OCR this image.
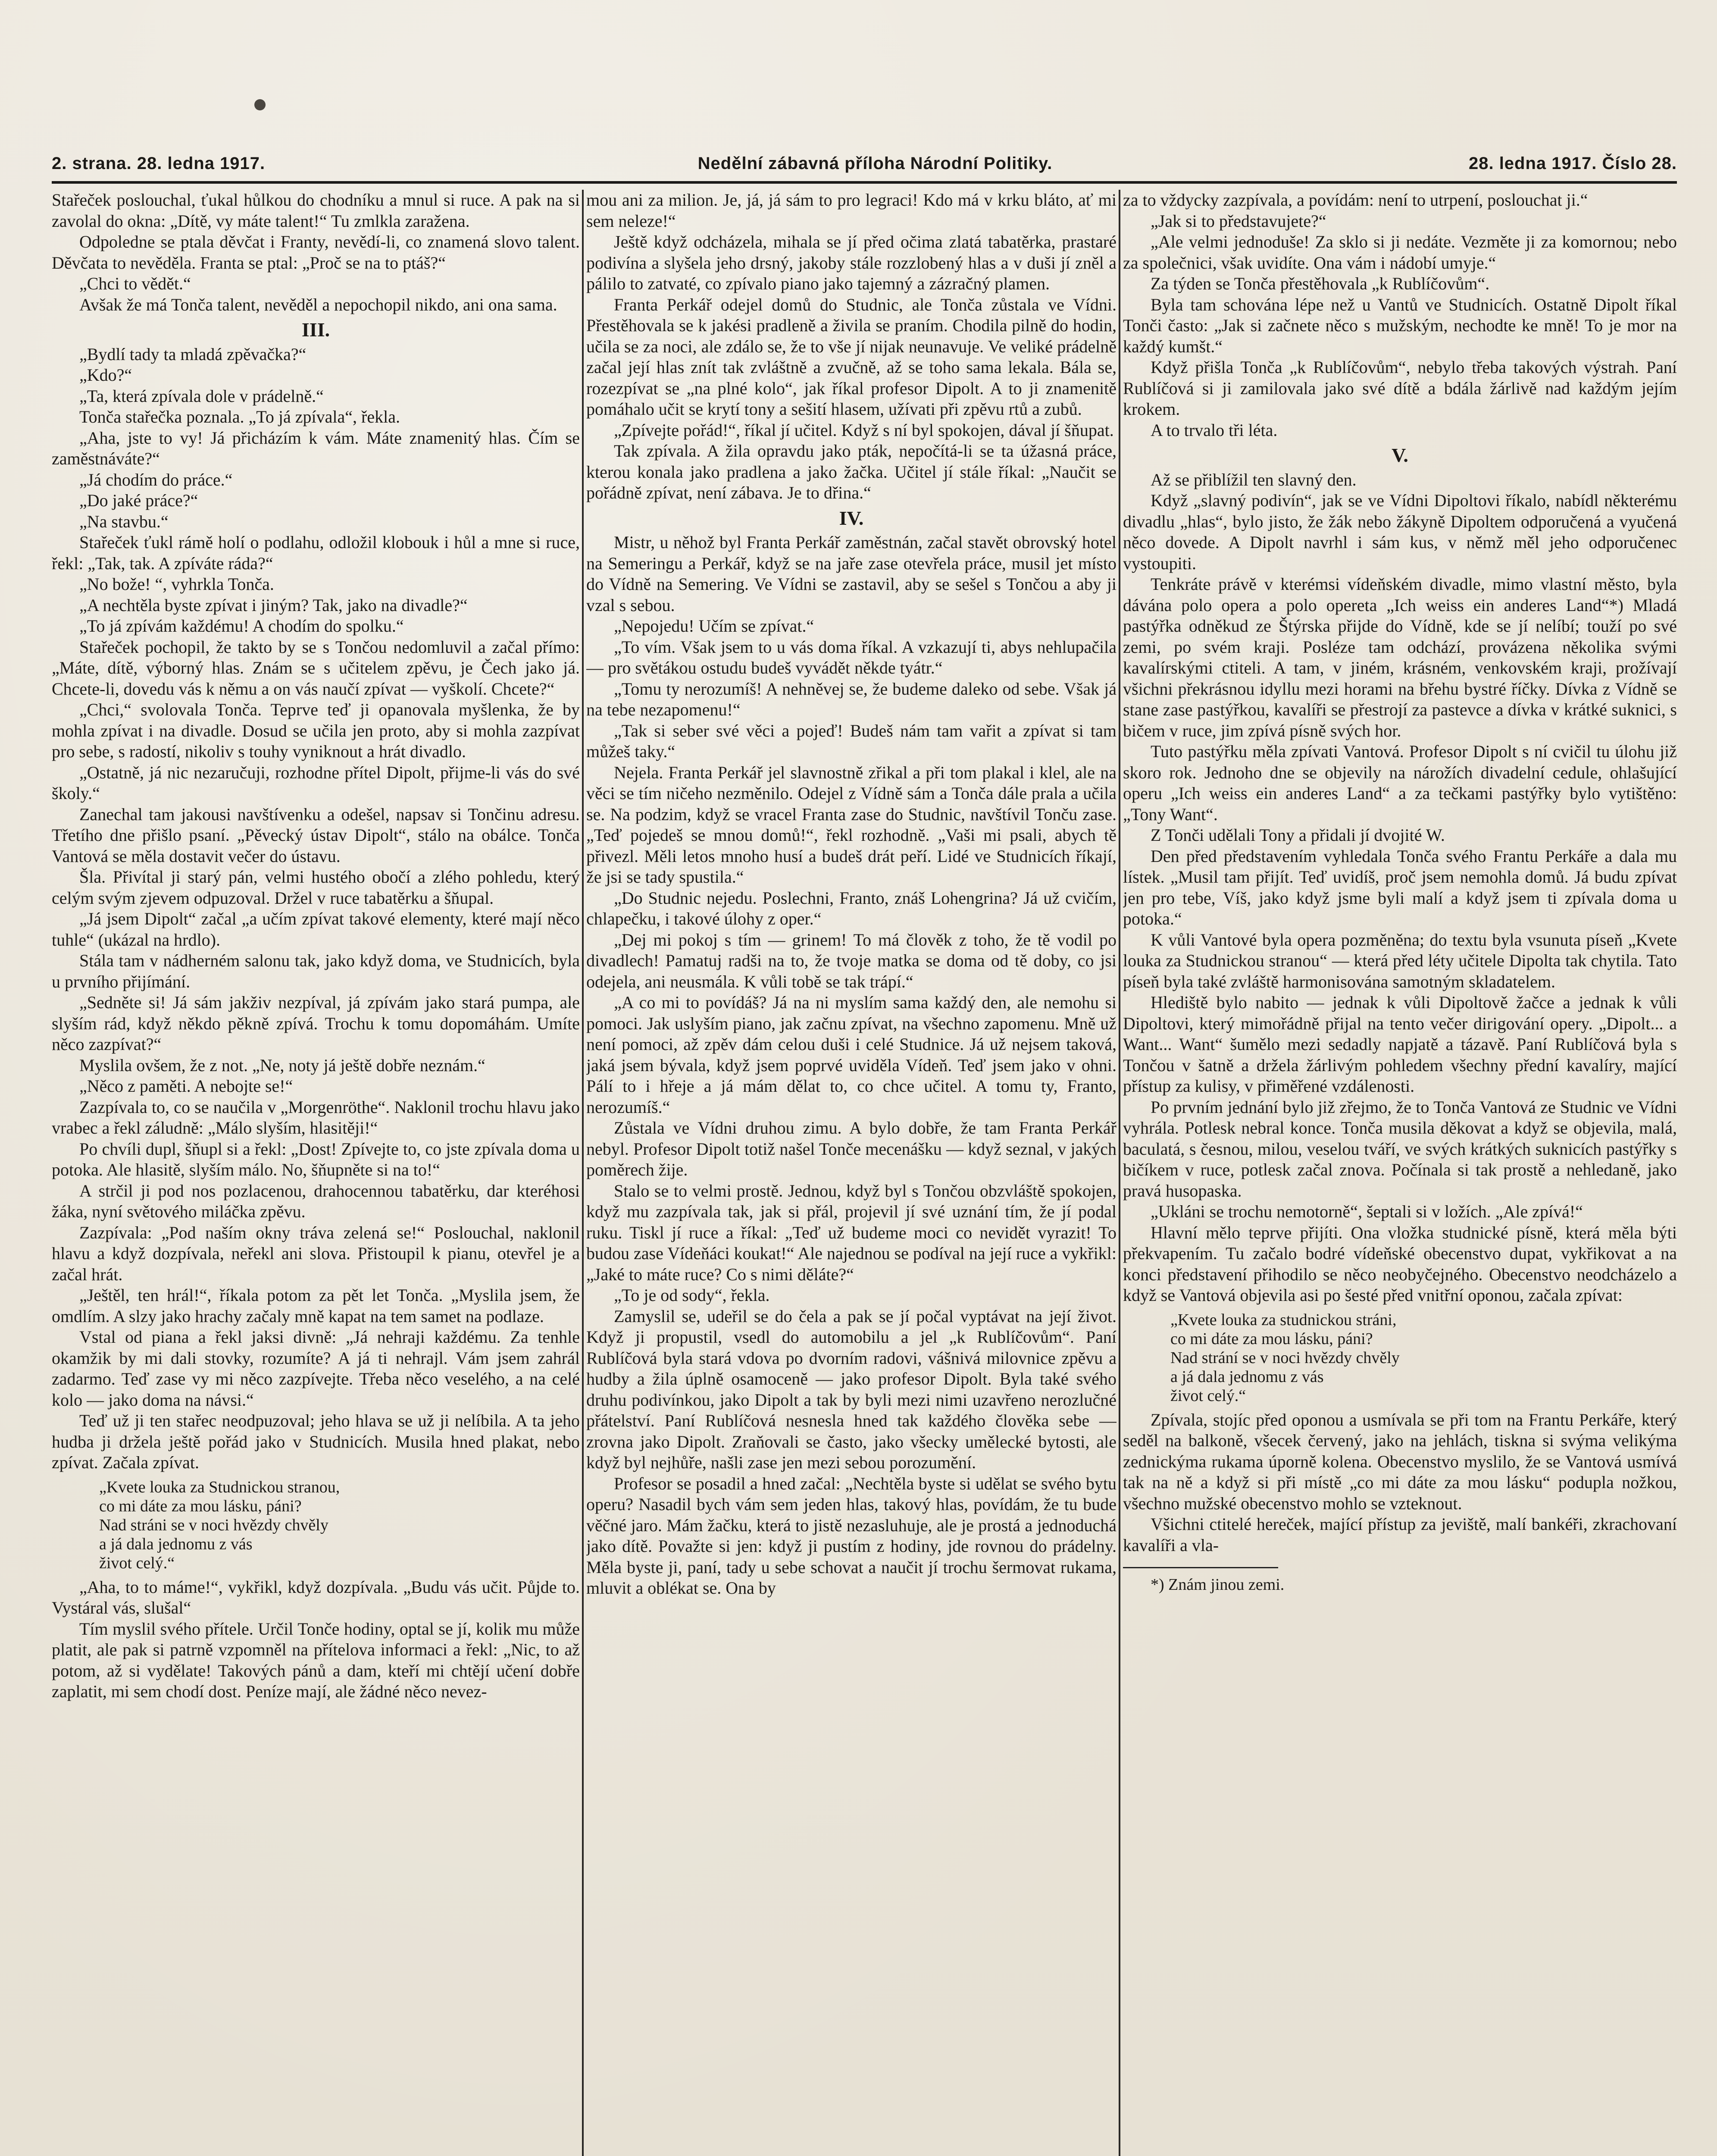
2. strana. 28. ledna 1917.	Nedělní zábavná příloha Národní Politiky.	28. ledna 1917. Číslo 28.

Stařeček poslouchal, ťukal hůlkou do chodníku a mnul si ruce. A pak na si zavolal do okna: „Dítě, vy máte talent!“ Tu zmlkla zaražena.

Odpoledne se ptala děvčat i Franty, nevědí-li, co znamená slovo talent. Děvčata to nevěděla. Franta se ptal: „Proč se na to ptáš?“

„Chci to vědět.“

Avšak že má Tonča talent, nevěděl a nepochopil nikdo, ani ona sama.

III.

„Bydlí tady ta mladá zpěvačka?“

„Kdo?“

„Ta, která zpívala dole v prádelně.“

Tonča stařečka poznala. „To já zpívala“, řekla.

„Aha, jste to vy! Já přicházím k vám. Máte znamenitý hlas. Čím se zaměstnáváte?“

„Já chodím do práce.“

„Do jaké práce?“

„Na stavbu.“

Stařeček ťukl rámě holí o podlahu, odložil klobouk i hůl a mne si ruce, řekl: „Tak, tak. A zpíváte ráda?“

„No bože! “, vyhrkla Tonča.

„A nechtěla byste zpívat i jiným? Tak, jako na divadle?“

„To já zpívám každému! A chodím do spolku.“

Stařeček pochopil, že takto by se s Tončou nedomluvil a začal přímo: „Máte, dítě, výborný hlas. Znám se s učitelem zpěvu, je Čech jako já. Chcete-li, dovedu vás k němu a on vás naučí zpívat — vyškolí. Chcete?“

„Chci,“ svolovala Tonča. Teprve teď ji opanovala myšlenka, že by mohla zpívat i na divadle. Dosud se učila jen proto, aby si mohla zazpívat pro sebe, s radostí, nikoliv s touhy vyniknout a hrát divadlo.

„Ostatně, já nic nezaručuji, rozhodne přítel Dipolt, přijme-li vás do své školy.“

Zanechal tam jakousi navštívenku a odešel, napsav si Tončinu adresu. Třetího dne přišlo psaní. „Pěvecký ústav Dipolt“, stálo na obálce. Tonča Vantová se měla dostavit večer do ústavu.

Šla. Přivítal ji starý pán, velmi hustého obočí a zlého pohledu, který celým svým zjevem odpuzoval. Držel v ruce tabatěrku a šňupal.

„Já jsem Dipolt“ začal „a učím zpívat takové elementy, které mají něco tuhle“ (ukázal na hrdlo).

Stála tam v nádherném salonu tak, jako když doma, ve Studnicích, byla u prvního přijímání.

„Sedněte si! Já sám jakživ nezpíval, já zpívám jako stará pumpa, ale slyším rád, když někdo pěkně zpívá. Trochu k tomu dopomáhám. Umíte něco zazpívat?“

Myslila ovšem, že z not. „Ne, noty já ještě dobře neznám.“

„Něco z paměti. A nebojte se!“

Zazpívala to, co se naučila v „Morgenröthe“. Naklonil trochu hlavu jako vrabec a řekl záludně: „Málo slyším, hlasitěji!“

Po chvíli dupl, šňupl si a řekl: „Dost! Zpívejte to, co jste zpívala doma u potoka. Ale hlasitě, slyším málo. No, šňupněte si na to!“

A strčil ji pod nos pozlacenou, drahocennou tabatěrku, dar kteréhosi žáka, nyní světového miláčka zpěvu.

Zazpívala: „Pod naším okny tráva zelená se!“ Poslouchal, naklonil hlavu a když dozpívala, neřekl ani slova. Přistoupil k pianu, otevřel je a začal hrát.

„Ještěl, ten hrál!“, říkala potom za pět let Tonča. „Myslila jsem, že omdlím. A slzy jako hrachy začaly mně kapat na tem samet na podlaze.

Vstal od piana a řekl jaksi divně: „Já nehraji každému. Za tenhle okamžik by mi dali stovky, rozumíte? A já ti nehrajl. Vám jsem zahrál zadarmo. Teď zase vy mi něco zazpívejte. Třeba něco veselého, a na celé kolo — jako doma na návsi.“

Teď už ji ten stařec neodpuzoval; jeho hlava se už ji nelíbila. A ta jeho hudba ji držela ještě pořád jako v Studnicích. Musila hned plakat, nebo zpívat. Začala zpívat.

„Kvete louka za Studnickou stranou,
co mi dáte za mou lásku, páni?
Nad stráni se v noci hvězdy chvěly
a já dala jednomu z vás
život celý.“

„Aha, to to máme!“, vykřikl, když dozpívala. „Budu vás učit. Půjde to. Vystáral vás, slušal“

Tím myslil svého přítele. Určil Tonče hodiny, optal se jí, kolik mu může platit, ale pak si patrně vzpomněl na přítelova informaci a řekl: „Nic, to až potom, až si vydělate! Takových pánů a dam, kteří mi chtějí učení dobře zaplatit, mi sem chodí dost. Peníze mají, ale žádné něco nevez-

mou ani za milion. Je, já, já sám to pro legraci! Kdo má v krku bláto, ať mi sem neleze!“

Ještě když odcházela, mihala se jí před očima zlatá tabatěrka, prastaré podivína a slyšela jeho drsný, jakoby stále rozzlobený hlas a v duši jí zněl a pálilo to zatvaté, co zpívalo piano jako tajemný a zázračný plamen.

Franta Perkář odejel domů do Studnic, ale Tonča zůstala ve Vídni. Přestěhovala se k jakési pradleně a živila se praním. Chodila pilně do hodin, učila se za noci, ale zdálo se, že to vše jí nijak neunavuje. Ve veliké prádelně začal její hlas znít tak zvláštně a zvučně, až se toho sama lekala. Bála se, rozezpívat se „na plné kolo“, jak říkal profesor Dipolt. A to ji znamenitě pomáhalo učit se krytí tony a sešití hlasem, užívati při zpěvu rtů a zubů.

„Zpívejte pořád!“, říkal jí učitel. Když s ní byl spokojen, dával jí šňupat.

Tak zpívala. A žila opravdu jako pták, nepočítá-li se ta úžasná práce, kterou konala jako pradlena a jako žačka. Učitel jí stále říkal: „Naučit se pořádně zpívat, není zábava. Je to dřina.“

IV.

Mistr, u něhož byl Franta Perkář zaměstnán, začal stavět obrovský hotel na Semeringu a Perkář, když se na jaře zase otevřela práce, musil jet místo do Vídně na Semering. Ve Vídni se zastavil, aby se sešel s Tončou a aby ji vzal s sebou.

„Nepojedu! Učím se zpívat.“

„To vím. Však jsem to u vás doma říkal. A vzkazují ti, abys nehlupačila — pro světákou ostudu budeš vyvádět někde tyátr.“

„Tomu ty nerozumíš! A nehněvej se, že budeme daleko od sebe. Však já na tebe nezapomenu!“

„Tak si seber své věci a pojeď! Budeš nám tam vařit a zpívat si tam můžeš taky.“

Nejela. Franta Perkář jel slavnostně zřikal a při tom plakal i klel, ale na věci se tím ničeho nezměnilo. Odejel z Vídně sám a Tonča dále prala a učila se. Na podzim, když se vracel Franta zase do Studnic, navštívil Tonču zase. „Teď pojedeš se mnou domů!“, řekl rozhodně. „Vaši mi psali, abych tě přivezl. Měli letos mnoho husí a budeš drát peří. Lidé ve Studnicích říkají, že jsi se tady spustila.“

„Do Studnic nejedu. Poslechni, Franto, znáš Lohengrina? Já už cvičím, chlapečku, i takové úlohy z oper.“

„Dej mi pokoj s tím — grinem! To má člověk z toho, že tě vodil po divadlech! Pamatuj radši na to, že tvoje matka se doma od tě doby, co jsi odejela, ani neusmála. K vůli tobě se tak trápí.“

„A co mi to povídáš? Já na ni myslím sama každý den, ale nemohu si pomoci. Jak uslyším piano, jak začnu zpívat, na všechno zapomenu. Mně už není pomoci, až zpěv dám celou duši i celé Studnice. Já už nejsem taková, jaká jsem bývala, když jsem poprvé uviděla Vídeň. Teď jsem jako v ohni. Pálí to i hřeje a já mám dělat to, co chce učitel. A tomu ty, Franto, nerozumíš.“

Zůstala ve Vídni druhou zimu. A bylo dobře, že tam Franta Perkář nebyl. Profesor Dipolt totiž našel Tonče mecenášku — když seznal, v jakých poměrech žije.

Stalo se to velmi prostě. Jednou, když byl s Tončou obzvláště spokojen, když mu zazpívala tak, jak si přál, projevil jí své uznání tím, že jí podal ruku. Tiskl jí ruce a říkal: „Teď už budeme moci co nevidět vyrazit! To budou zase Vídeňáci koukat!“ Ale najednou se podíval na její ruce a vykřikl: „Jaké to máte ruce? Co s nimi děláte?“

„To je od sody“, řekla.

Zamyslil se, udeřil se do čela a pak se jí počal vyptávat na její život. Když ji propustil, vsedl do automobilu a jel „k Rublíčovům“. Paní Rublíčová byla stará vdova po dvorním radovi, vášnivá milovnice zpěvu a hudby a žila úplně osamoceně — jako profesor Dipolt. Byla také svého druhu podivínkou, jako Dipolt a tak by byli mezi nimi uzavřeno nerozlučné přátelství. Paní Rublíčová nesnesla hned tak každého člověka sebe — zrovna jako Dipolt. Zraňovali se často, jako všecky umělecké bytosti, ale když byl nejhůře, našli zase jen mezi sebou porozumění.

Profesor se posadil a hned začal: „Nechtěla byste si udělat se svého bytu operu? Nasadil bych vám sem jeden hlas, takový hlas, povídám, že tu bude věčné jaro. Mám žačku, která to jistě nezasluhuje, ale je prostá a jednoduchá jako dítě. Považte si jen: když ji pustím z hodiny, jde rovnou do prádelny. Měla byste ji, paní, tady u sebe schovat a naučit jí trochu šermovat rukama, mluvit a oblékat se. Ona by

za to vždycky zazpívala, a povídám: není to utrpení, poslouchat ji.“

„Jak si to představujete?“

„Ale velmi jednoduše! Za sklo si ji nedáte. Vezměte ji za komornou; nebo za společnici, však uvidíte. Ona vám i nádobí umyje.“

Za týden se Tonča přestěhovala „k Rublíčovům“.

Byla tam schována lépe než u Vantů ve Studnicích. Ostatně Dipolt říkal Tonči často: „Jak si začnete něco s mužským, nechodte ke mně! To je mor na každý kumšt.“

Když přišla Tonča „k Rublíčovům“, nebylo třeba takových výstrah. Paní Rublíčová si ji zamilovala jako své dítě a bdála žárlivě nad každým jejím krokem.

A to trvalo tři léta.

V.

Až se přiblížil ten slavný den.

Když „slavný podivín“, jak se ve Vídni Dipoltovi říkalo, nabídl některému divadlu „hlas“, bylo jisto, že žák nebo žákyně Dipoltem odporučená a vyučená něco dovede. A Dipolt navrhl i sám kus, v němž měl jeho odporučenec vystoupiti.

Tenkráte právě v kterémsi vídeňském divadle, mimo vlastní město, byla dávána polo opera a polo opereta „Ich weiss ein anderes Land“*) Mladá pastýřka odněkud ze Štýrska přijde do Vídně, kde se jí nelíbí; touží po své zemi, po svém kraji. Posléze tam odchází, provázena několika svými kavalírskými ctiteli. A tam, v jiném, krásném, venkovském kraji, prožívají všichni překrásnou idyllu mezi horami na břehu bystré říčky. Dívka z Vídně se stane zase pastýřkou, kavalíři se přestrojí za pastevce a dívka v krátké suknici, s bičem v ruce, jim zpívá písně svých hor.

Tuto pastýřku měla zpívati Vantová. Profesor Dipolt s ní cvičil tu úlohu již skoro rok. Jednoho dne se objevily na nárožích divadelní cedule, ohlašující operu „Ich weiss ein anderes Land“ a za tečkami pastýřky bylo vytištěno: „Tony Want“.

Z Tonči udělali Tony a přidali jí dvojité W.

Den před představením vyhledala Tonča svého Frantu Perkáře a dala mu lístek. „Musil tam přijít. Teď uvidíš, proč jsem nemohla domů. Já budu zpívat jen pro tebe, Víš, jako když jsme byli malí a když jsem ti zpívala doma u potoka.“

K vůli Vantové byla opera pozměněna; do textu byla vsunuta píseň „Kvete louka za Studnickou stranou“ — která před léty učitele Dipolta tak chytila. Tato píseň byla také zvláště harmonisována samotným skladatelem.

Hlediště bylo nabito — jednak k vůli Dipoltově žačce a jednak k vůli Dipoltovi, který mimořádně přijal na tento večer dirigování opery. „Dipolt... a Want... Want“ šumělo mezi sedadly napjatě a tázavě. Paní Rublíčová byla s Tončou v šatně a držela žárlivým pohledem všechny přední kavalíry, mající přístup za kulisy, v přiměřené vzdálenosti.

Po prvním jednání bylo již zřejmo, že to Tonča Vantová ze Studnic ve Vídni vyhrála. Potlesk nebral konce. Tonča musila děkovat a když se objevila, malá, baculatá, s česnou, milou, veselou tváří, ve svých krátkých suknicích pastýřky s bičíkem v ruce, potlesk začal znova. Počínala si tak prostě a nehledaně, jako pravá husopaska.

„Ukláni se trochu nemotorně“, šeptali si v ložích. „Ale zpívá!“

Hlavní mělo teprve přijíti. Ona vložka studnické písně, která měla býti překvapením. Tu začalo bodré vídeňské obecenstvo dupat, vykřikovat a na konci představení přihodilo se něco neobyčejného. Obecenstvo neodcházelo a když se Vantová objevila asi po šesté před vnitřní oponou, začala zpívat:

„Kvete louka za studnickou stráni,
co mi dáte za mou lásku, páni?
Nad strání se v noci hvězdy chvěly
a já dala jednomu z vás
život celý.“

Zpívala, stojíc před oponou a usmívala se při tom na Frantu Perkáře, který seděl na balkoně, všecek červený, jako na jehlách, tiskna si svýma velikýma zednickýma rukama úporně kolena. Obecenstvo myslilo, že se Vantová usmívá tak na ně a když si při místě „co mi dáte za mou lásku“ podupla nožkou, všechno mužské obecenstvo mohlo se vzteknout.

Všichni ctitelé hereček, mající přístup za jeviště, malí bankéři, zkrachovaní kavalíři a vla-

*) Znám jinou zemi.
